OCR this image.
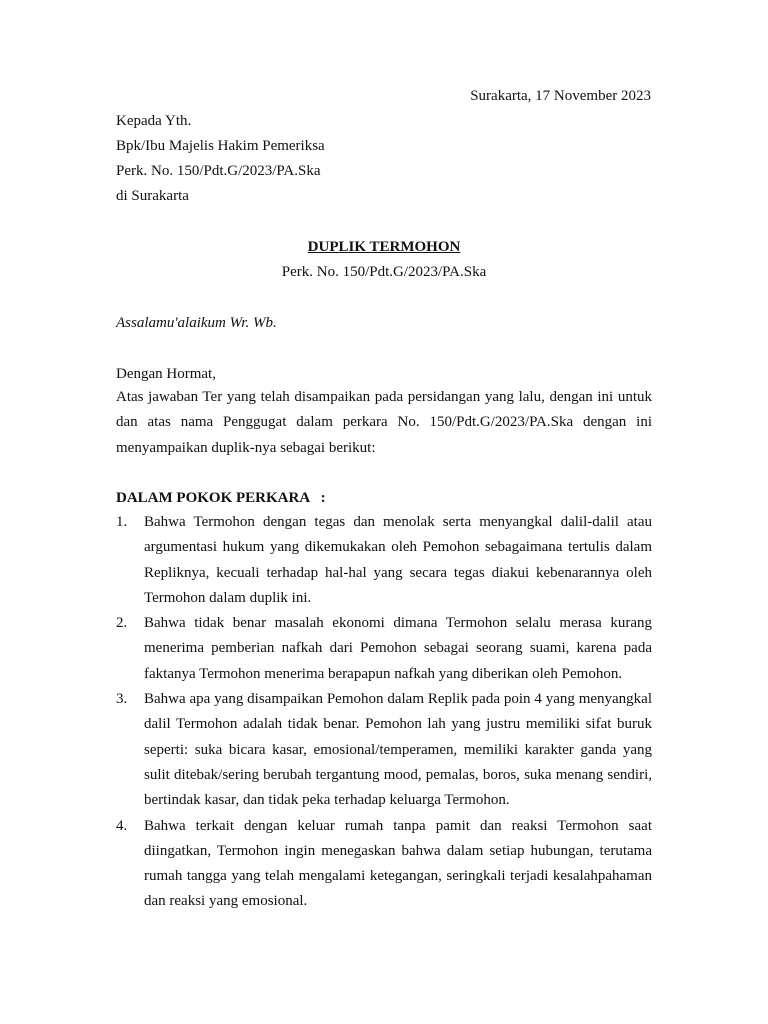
Surakarta, 17 November 2023
Kepada Yth.
Bpk/Ibu Majelis Hakim Pemeriksa
Perk. No. 150/Pdt.G/2023/PA.Ska
di Surakarta
DUPLIK TERMOHON
Perk. No. 150/Pdt.G/2023/PA.Ska
Assalamu'alaikum Wr. Wb.
Dengan Hormat,
Atas jawaban Ter yang telah disampaikan pada persidangan yang lalu, dengan ini untuk dan atas nama Penggugat dalam perkara No. 150/Pdt.G/2023/PA.Ska dengan ini menyampaikan duplik-nya sebagai berikut:
DALAM POKOK PERKARA   :
1. Bahwa Termohon dengan tegas dan menolak serta menyangkal dalil-dalil atau argumentasi hukum yang dikemukakan oleh Pemohon sebagaimana tertulis dalam Repliknya, kecuali terhadap hal-hal yang secara tegas diakui kebenarannya oleh Termohon dalam duplik ini.
2. Bahwa tidak benar masalah ekonomi dimana Termohon selalu merasa kurang menerima pemberian nafkah dari Pemohon sebagai seorang suami, karena pada faktanya Termohon menerima berapapun nafkah yang diberikan oleh Pemohon.
3. Bahwa apa yang disampaikan Pemohon dalam Replik pada poin 4 yang menyangkal dalil Termohon adalah tidak benar. Pemohon lah yang justru memiliki sifat buruk seperti: suka bicara kasar, emosional/temperamen, memiliki karakter ganda yang sulit ditebak/sering berubah tergantung mood, pemalas, boros, suka menang sendiri, bertindak kasar, dan tidak peka terhadap keluarga Termohon.
4. Bahwa terkait dengan keluar rumah tanpa pamit dan reaksi Termohon saat diingatkan, Termohon ingin menegaskan bahwa dalam setiap hubungan, terutama rumah tangga yang telah mengalami ketegangan, seringkali terjadi kesalahpahaman dan reaksi yang emosional.
